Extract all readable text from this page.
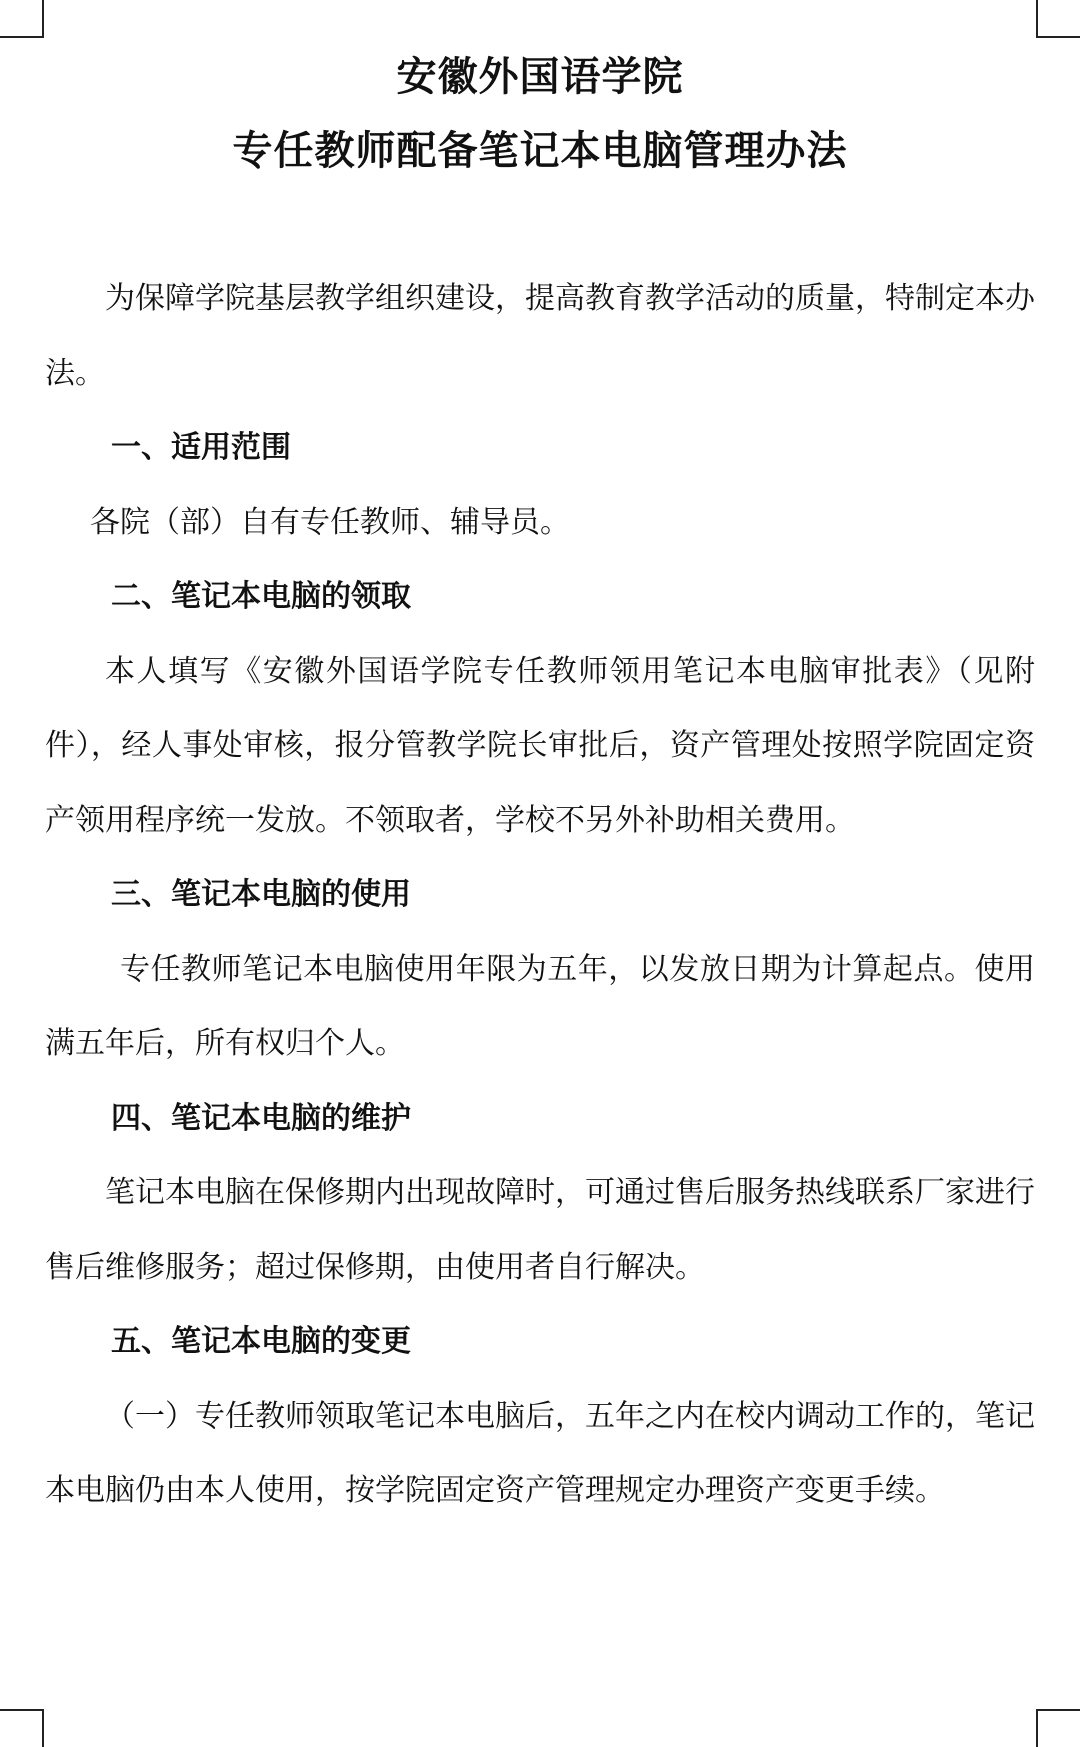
安徽外国语学院
专任教师配备笔记本电脑管理办法

为保障学院基层教学组织建设，提高教育教学活动的质量，特制定本办法。

一、适用范围

各院（部）自有专任教师、辅导员。

二、笔记本电脑的领取

本人填写《安徽外国语学院专任教师领用笔记本电脑审批表》（见附件），经人事处审核，报分管教学院长审批后，资产管理处按照学院固定资产领用程序统一发放。不领取者，学校不另外补助相关费用。

三、笔记本电脑的使用

专任教师笔记本电脑使用年限为五年，以发放日期为计算起点。使用满五年后，所有权归个人。

四、笔记本电脑的维护

笔记本电脑在保修期内出现故障时，可通过售后服务热线联系厂家进行售后维修服务；超过保修期，由使用者自行解决。

五、笔记本电脑的变更

（一）专任教师领取笔记本电脑后，五年之内在校内调动工作的，笔记本电脑仍由本人使用，按学院固定资产管理规定办理资产变更手续。
